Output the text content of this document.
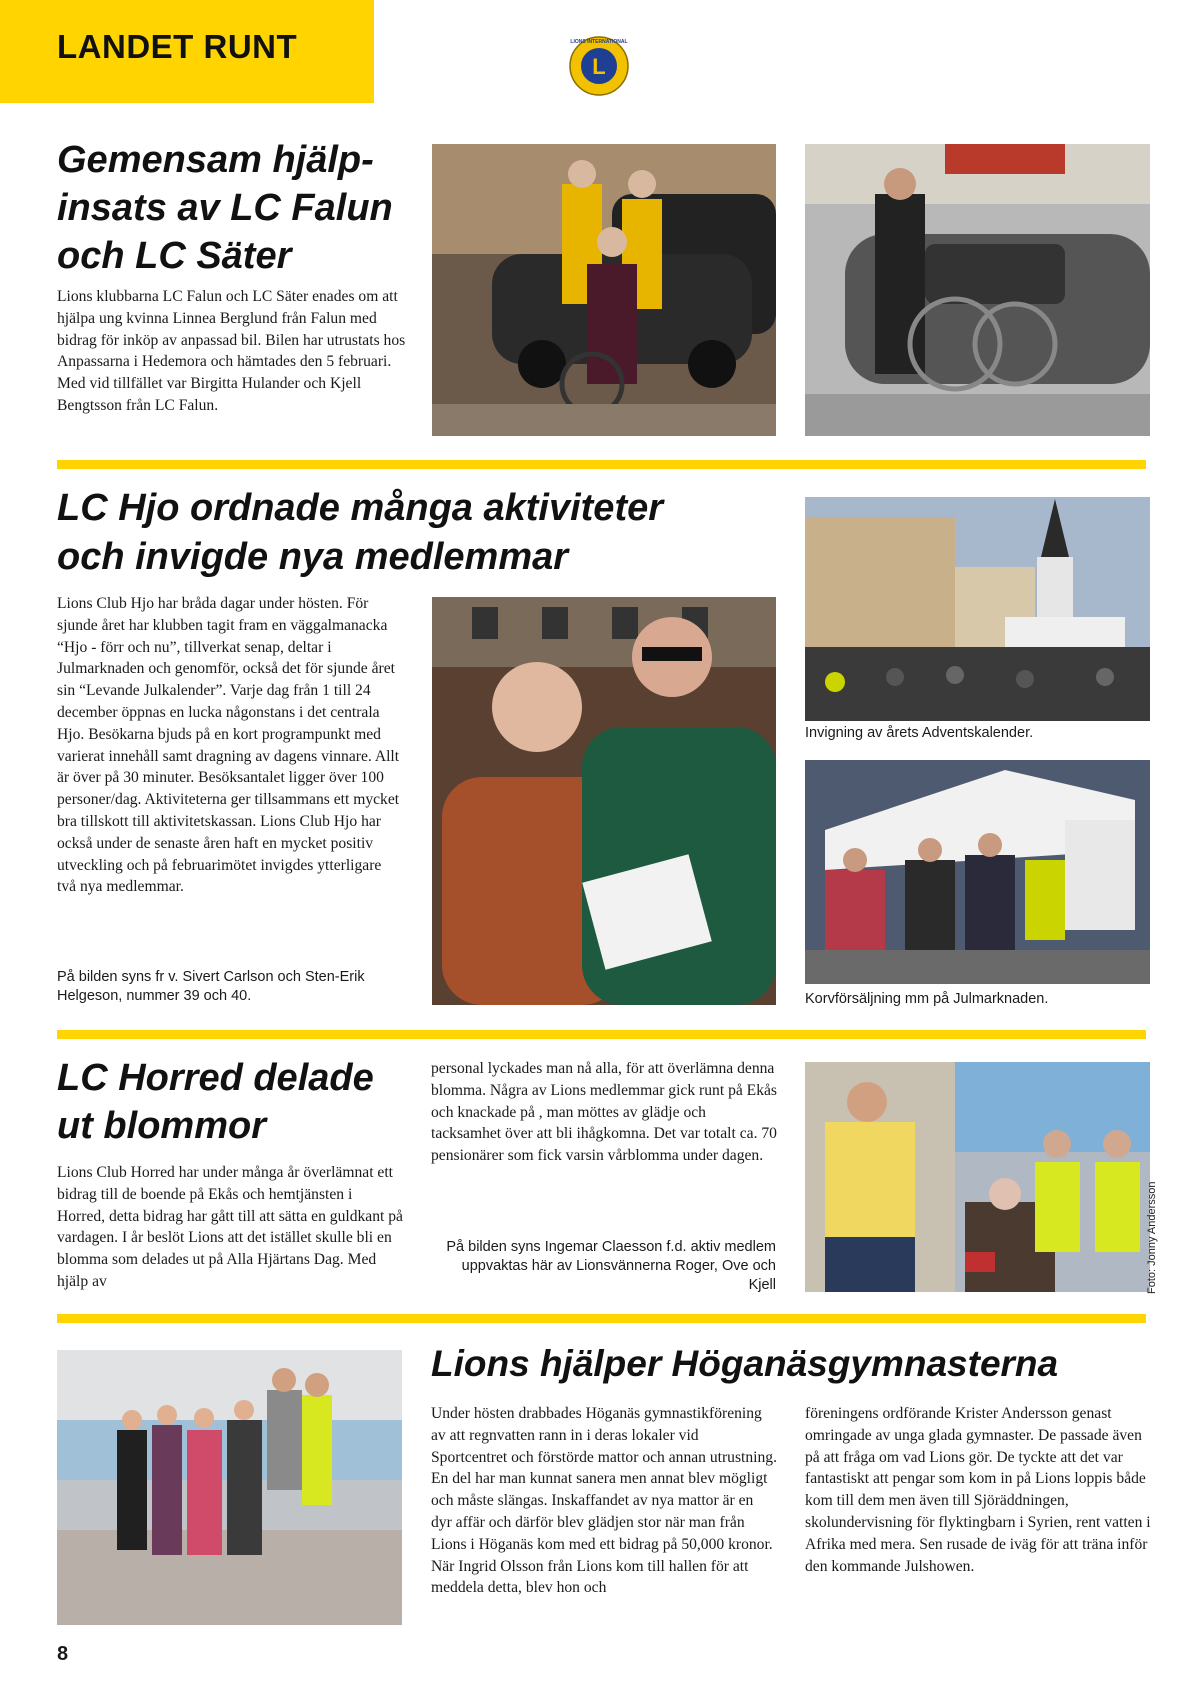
LANDET RUNT
L
LIONS INTERNATIONAL
Gemensam hjälp-
insats av LC Falun
och LC Säter

Lions klubbarna LC Falun och LC Säter enades om att hjälpa ung kvinna Linnea Berglund från Falun med bidrag för inköp av anpassad bil. Bilen har utrustats hos Anpassarna i Hedemora och hämtades den 5 februari. Med vid tillfället var Birgitta Hulander och Kjell Bengtsson från LC Falun.

LC Hjo ordnade många aktiviteter
och invigde nya medlemmar

Lions Club Hjo har bråda dagar under hösten. För sjunde året har klubben tagit fram en väggalmanacka “Hjo - förr och nu”, tillverkat senap, deltar i Julmarknaden och genomför, också det för sjunde året sin “Levande Julkalender”. Varje dag från 1 till 24 december öppnas en lucka någonstans i det centrala Hjo. Besökarna bjuds på en kort programpunkt med varierat innehåll samt dragning av dagens vinnare. Allt är över på 30 minuter. Besöksantalet ligger över 100 personer/dag. Aktiviteterna ger tillsammans ett mycket bra tillskott till aktivitetskassan. Lions Club Hjo har också under de senaste åren haft en mycket positiv utveckling och på februarimötet invigdes ytterligare två nya medlemmar.

På bilden syns fr v. Sivert Carlson och Sten-Erik Helgeson, nummer 39 och 40.

Invigning av årets Adventskalender.

Korvförsäljning mm på Julmarknaden.

LC Horred delade
ut blommor

Lions Club Horred har under många år överlämnat ett bidrag till de boende på Ekås och hemtjänsten i Horred, detta bidrag har gått till att sätta en guldkant på vardagen. I år beslöt Lions att det istället skulle bli en blomma som delades ut på Alla Hjärtans Dag. Med hjälp av

personal lyckades man nå alla, för att överlämna denna blomma. Några av Lions medlemmar gick runt på Ekås och knackade på , man möttes av glädje och tacksamhet över att bli ihågkomna. Det var totalt ca. 70 pensionärer som fick varsin vårblomma under dagen.

På bilden syns Ingemar Claesson f.d. aktiv medlem uppvaktas här av Lionsvännerna Roger, Ove och Kjell	Foto: Jonny Andersson
Lions hjälper Höganäsgymnasterna

Under hösten drabbades Höganäs gymnastikförening av att regnvatten rann in i deras lokaler vid Sportcentret och förstörde mattor och annan utrustning. En del har man kunnat sanera men annat blev mögligt och måste slängas. Inskaffandet av nya mattor är en dyr affär och därför blev glädjen stor när man från Lions i Höganäs kom med ett bidrag på 50,000 kronor. När Ingrid Olsson från Lions kom till hallen för att meddela detta, blev hon och

föreningens ordförande Krister Andersson genast omringade av unga glada gymnaster. De passade även på att fråga om vad Lions gör. De tyckte att det var fantastiskt att pengar som kom in på Lions loppis både kom till dem men även till Sjöräddningen, skolundervisning för flyktingbarn i Syrien, rent vatten i Afrika med mera. Sen rusade de iväg för att träna inför den kommande Julshowen.

8
